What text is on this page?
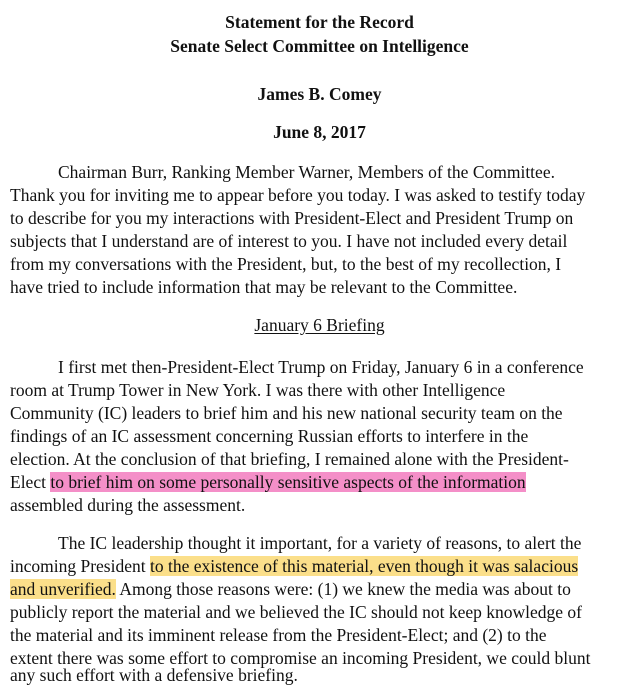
Statement for the Record
Senate Select Committee on Intelligence
James B. Comey
June 8, 2017
Chairman Burr, Ranking Member Warner, Members of the Committee.
Thank you for inviting me to appear before you today. I was asked to testify today
to describe for you my interactions with President-Elect and President Trump on
subjects that I understand are of interest to you. I have not included every detail
from my conversations with the President, but, to the best of my recollection, I
have tried to include information that may be relevant to the Committee.
January 6 Briefing
I first met then-President-Elect Trump on Friday, January 6 in a conference
room at Trump Tower in New York. I was there with other Intelligence
Community (IC) leaders to brief him and his new national security team on the
findings of an IC assessment concerning Russian efforts to interfere in the
election. At the conclusion of that briefing, I remained alone with the President-
Elect to brief him on some personally sensitive aspects of the information
assembled during the assessment.
The IC leadership thought it important, for a variety of reasons, to alert the
incoming President to the existence of this material, even though it was salacious
and unverified. Among those reasons were: (1) we knew the media was about to
publicly report the material and we believed the IC should not keep knowledge of
the material and its imminent release from the President-Elect; and (2) to the
extent there was some effort to compromise an incoming President, we could blunt
any such effort with a defensive briefing.
